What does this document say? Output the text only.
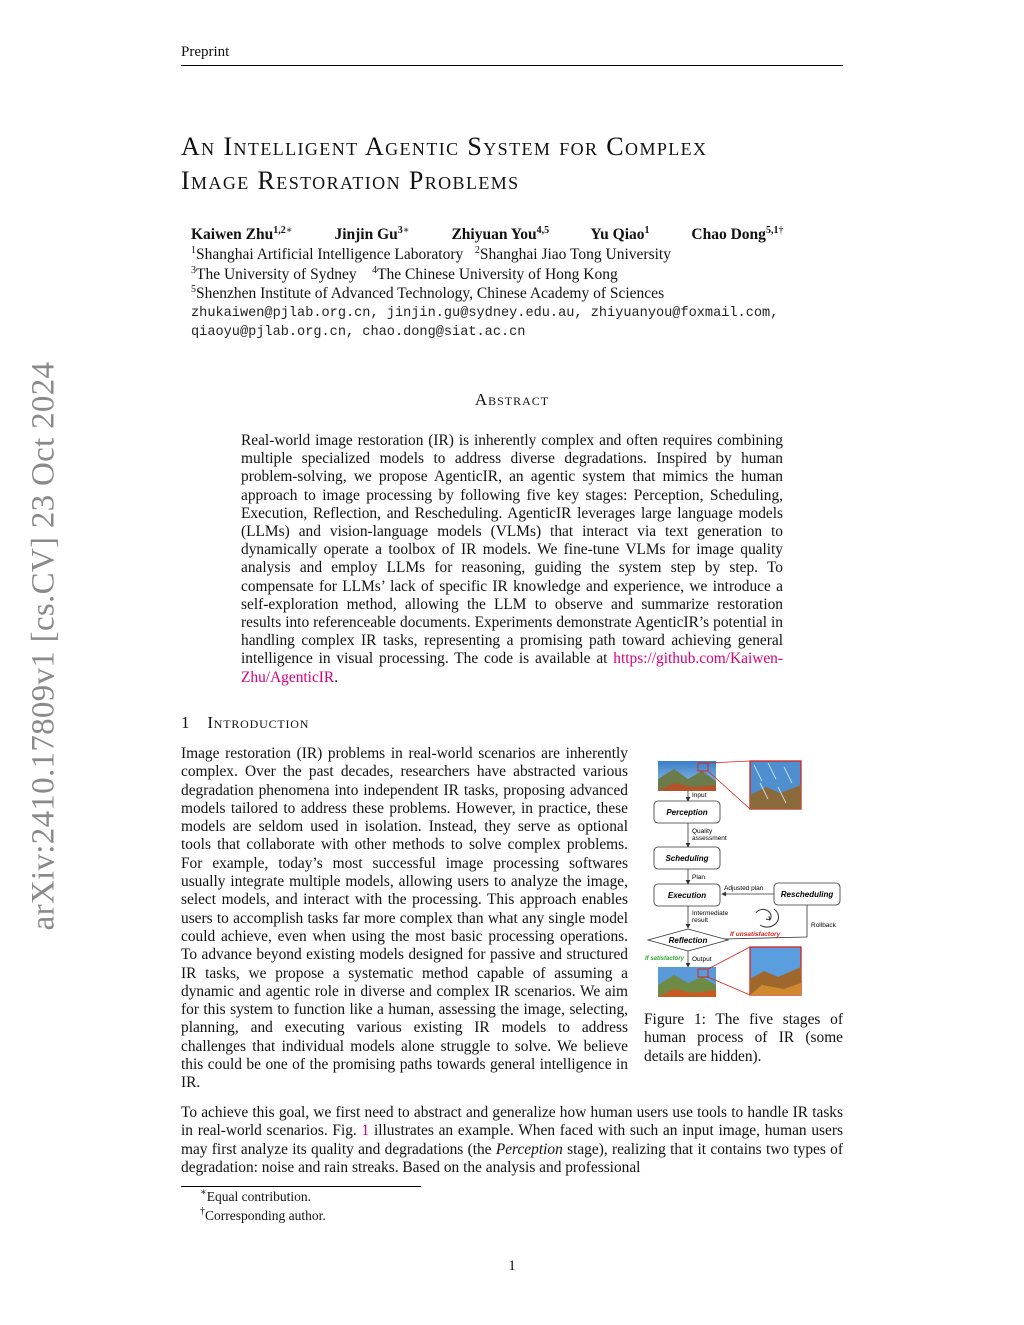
Preprint
arXiv:2410.17809v1 [cs.CV] 23 Oct 2024
An Intelligent Agentic System for Complex
Image Restoration Problems
Kaiwen Zhu$^{1,2∗}$	Jinjin $Gu^{3∗}$	Zhiyuan You$^{4,5}$	Yu Qiao$^1$	Chao Dong$^{5,1\dagger}$
$^1$Shanghai Artificial Intelligence Laboratory $^2$Shanghai Jiao Tong University
$^3$The University of Sydney $^4$The Chinese University of Hong Kong
$^5$Shenzhen Institute of Advanced Technology, Chinese Academy of Sciences
zhukaiwen@pjlab.org.cn, jinjin.gu@sydney.edu.au, zhiyuanyou@foxmail.com,
qiaoyu@pjlab.org.cn, chao.dong@siat.ac.cn
Abstract
Real-world image restoration (IR) is inherently complex and often requires combining multiple specialized models to address diverse degradations. Inspired by human problem-solving, we propose AgenticIR, an agentic system that mimics the human approach to image processing by following five key stages: Perception, Scheduling, Execution, Reflection, and Rescheduling. AgenticIR leverages large language models (LLMs) and vision-language models (VLMs) that interact via text generation to dynamically operate a toolbox of IR models. We fine-tune VLMs for image quality analysis and employ LLMs for reasoning, guiding the system step by step. To compensate for LLMs’ lack of specific IR knowledge and experience, we introduce a self-exploration method, allowing the LLM to observe and summarize restoration results into referenceable documents. Experiments demonstrate AgenticIR’s potential in handling complex IR tasks, representing a promising path toward achieving general intelligence in visual processing. The code is available at https://github.com/Kaiwen-Zhu/AgenticIR.
1 Introduction
Image restoration (IR) problems in real-world scenarios are inherently complex. Over the past decades, researchers have abstracted various degradation phenomena into independent IR tasks, proposing advanced models tailored to address these problems. However, in practice, these models are seldom used in isolation. Instead, they serve as optional tools that collaborate with other methods to solve complex problems. For example, today’s most successful image processing softwares usually integrate multiple models, allowing users to analyze the image, select models, and interact with the processing. This approach enables users to accomplish tasks far more complex than what any single model could achieve, even when using the most basic processing operations. To advance beyond existing models designed for passive and structured IR tasks, we propose a systematic method capable of assuming a dynamic and agentic role in diverse and complex IR scenarios. We aim for this system to function like a human, assessing the image, selecting, planning, and executing various existing IR models to address challenges that individual models alone struggle to solve. We believe this could be one of the promising paths towards general intelligence in IR.
Input
Perception
Quality
assessment
Scheduling
Plan
Execution	Rescheduling
Adjusted plan
Intermediate
result
Rollback
If unsatisfactory
Reflection
If satisfactory Output
Figure 1: The five stages of human process of IR (some details are hidden).
To achieve this goal, we first need to abstract and generalize how human users use tools to handle IR tasks in real-world scenarios. Fig. 1 illustrates an example. When faced with such an input image, human users may first analyze its quality and degradations (the Perception stage), realizing that it contains two types of degradation: noise and rain streaks. Based on the analysis and professional
∗Equal contribution.
†Corresponding author.
1
